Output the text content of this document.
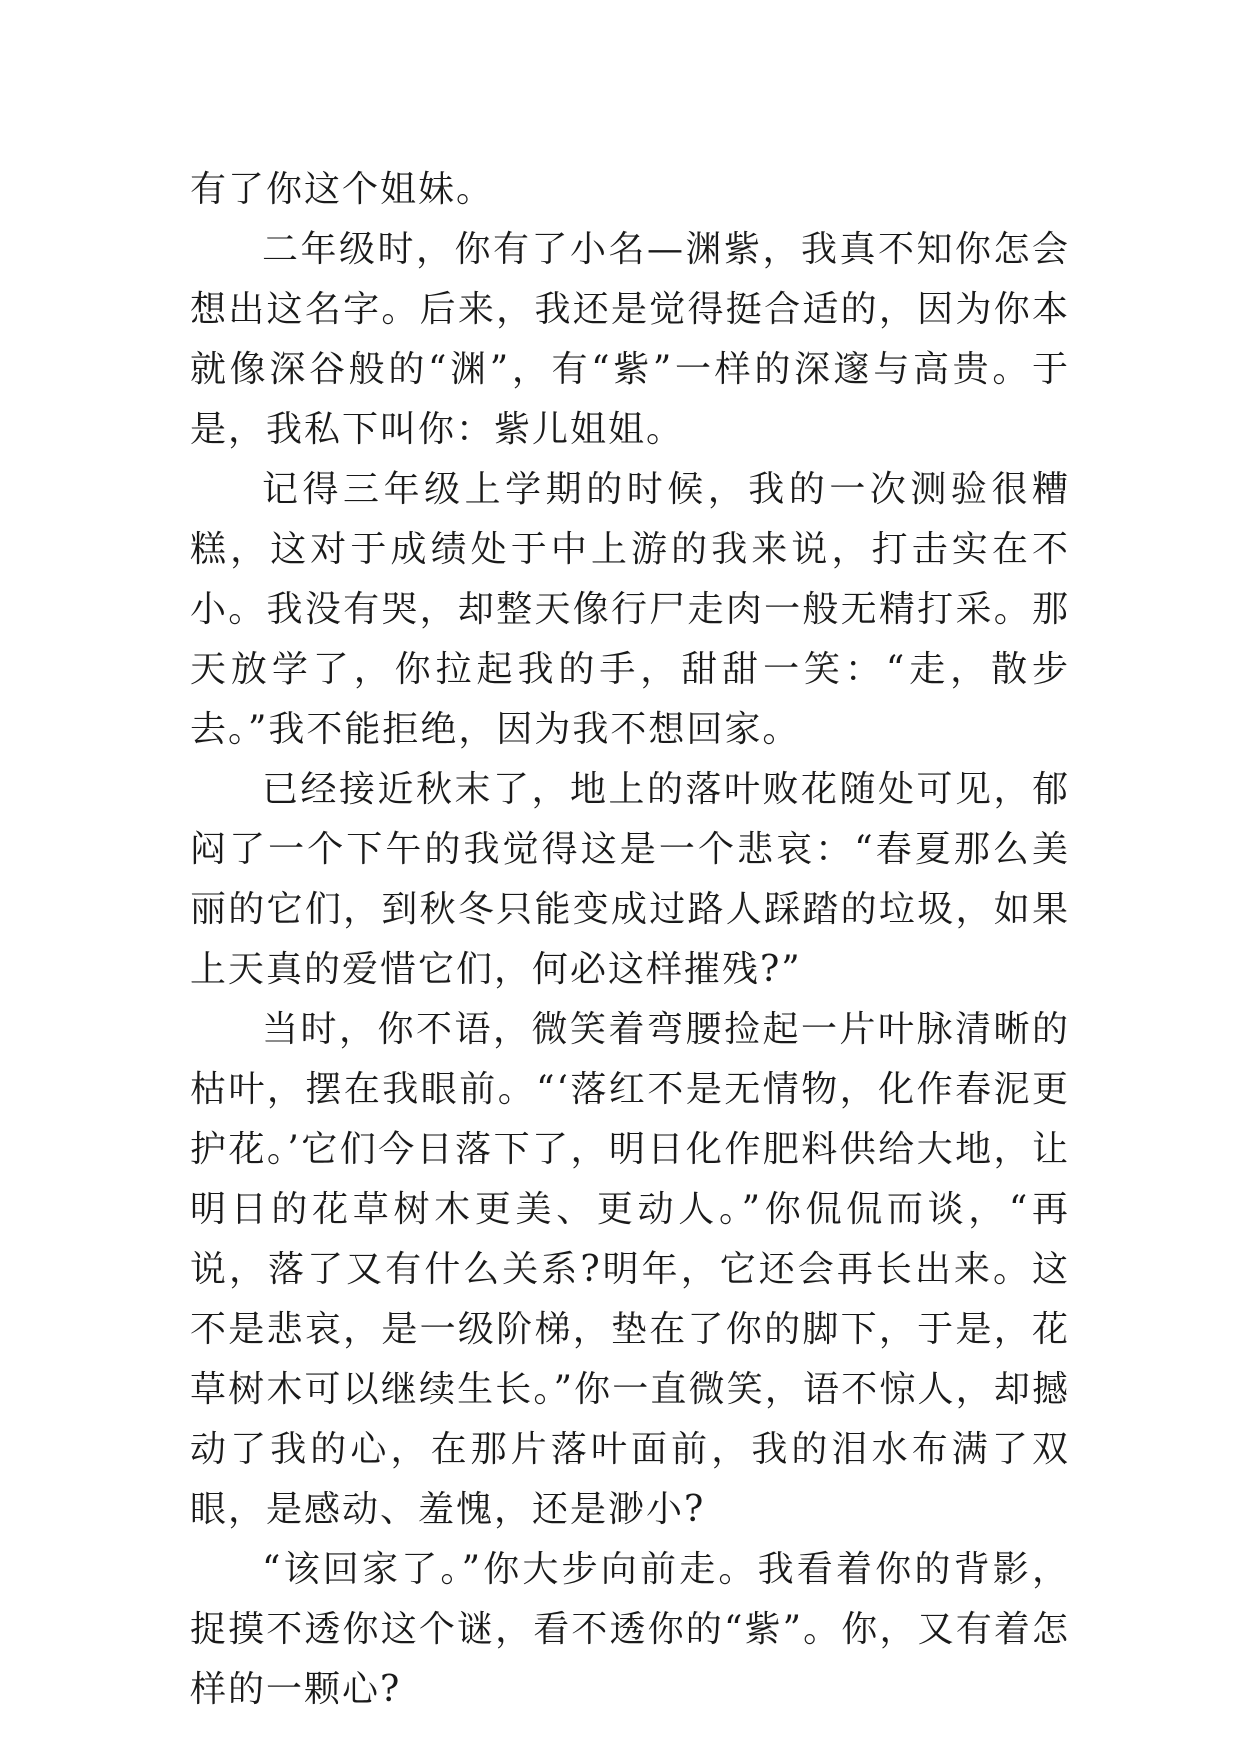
有了你这个姐妹。

二年级时，你有了小名—渊紫，我真不知你怎会想出这名字。后来，我还是觉得挺合适的，因为你本就像深谷般的“渊”，有“紫”一样的深邃与高贵。于是，我私下叫你：紫儿姐姐。

记得三年级上学期的时候，我的一次测验很糟糕，这对于成绩处于中上游的我来说，打击实在不小。我没有哭，却整天像行尸走肉一般无精打采。那天放学了，你拉起我的手，甜甜一笑：“走，散步去。”我不能拒绝，因为我不想回家。

已经接近秋末了，地上的落叶败花随处可见，郁闷了一个下午的我觉得这是一个悲哀：“春夏那么美丽的它们，到秋冬只能变成过路人踩踏的垃圾，如果上天真的爱惜它们，何必这样摧残?”

当时，你不语，微笑着弯腰捡起一片叶脉清晰的枯叶，摆在我眼前。“‘落红不是无情物，化作春泥更护花。’它们今日落下了，明日化作肥料供给大地，让明日的花草树木更美、更动人。”你侃侃而谈，“再说，落了又有什么关系?明年，它还会再长出来。这不是悲哀，是一级阶梯，垫在了你的脚下，于是，花草树木可以继续生长。”你一直微笑，语不惊人，却撼动了我的心，在那片落叶面前，我的泪水布满了双眼，是感动、羞愧，还是渺小?

“该回家了。”你大步向前走。我看着你的背影，捉摸不透你这个谜，看不透你的“紫”。你，又有着怎样的一颗心?
